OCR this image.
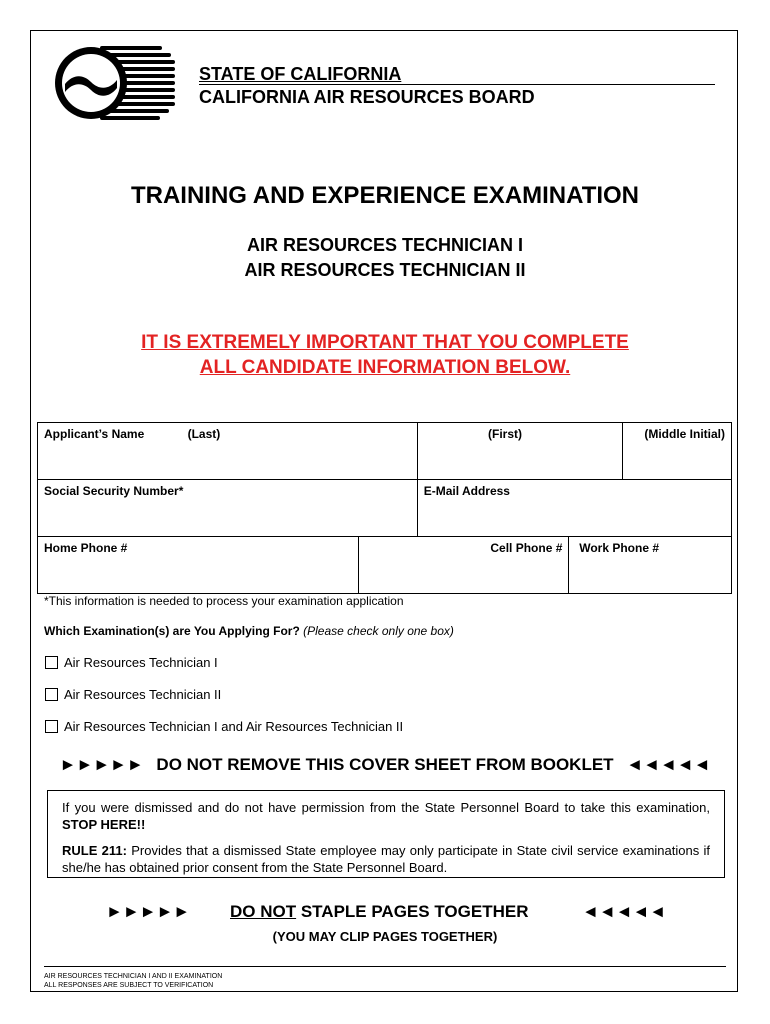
STATE OF CALIFORNIA
CALIFORNIA AIR RESOURCES BOARD
TRAINING AND EXPERIENCE EXAMINATION
AIR RESOURCES TECHNICIAN I
AIR RESOURCES TECHNICIAN II
IT IS EXTREMELY IMPORTANT THAT YOU COMPLETE
ALL CANDIDATE INFORMATION BELOW.
Applicant’s Name (Last)		(First)		(Middle Initial)
Social Security Number*		E-Mail Address		
Home Phone #	Cell Phone #		Work Phone #	
*This information is needed to process your examination application
Which Examination(s) are You Applying For? (Please check only one box)
Air Resources Technician I
Air Resources Technician II
Air Resources Technician I and Air Resources Technician II
►►►►► DO NOT REMOVE THIS COVER SHEET FROM BOOKLET ◄◄◄◄◄

If you were dismissed and do not have permission from the State Personnel Board to take this examination, STOP HERE!!

RULE 211: Provides that a dismissed State employee may only participate in State civil service examinations if she/he has obtained prior consent from the State Personnel Board.

►►►►► DO NOT STAPLE PAGES TOGETHER	◄◄◄◄◄
(YOU MAY CLIP PAGES TOGETHER)
AIR RESOURCES TECHNICIAN I AND II EXAMINATION
ALL RESPONSES ARE SUBJECT TO VERIFICATION
